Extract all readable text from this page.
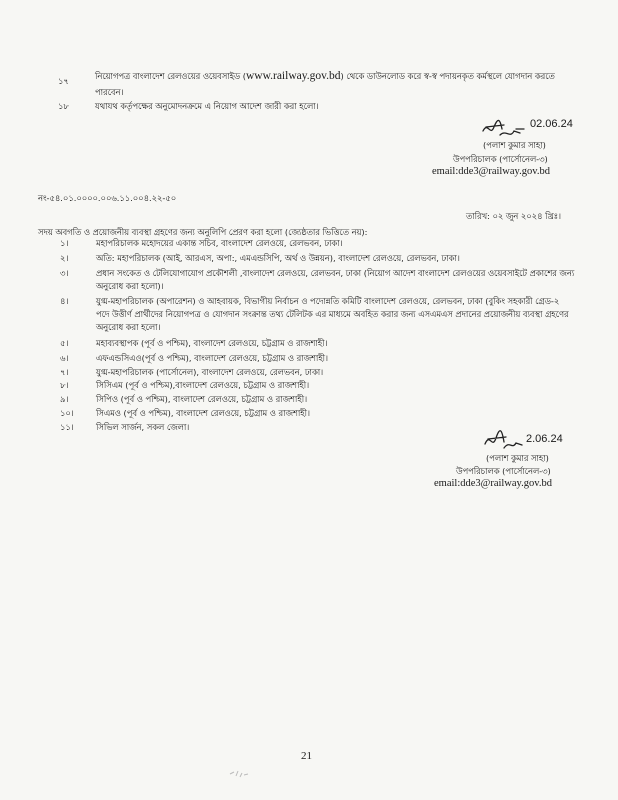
১৭	নিয়োগপত্র বাংলাদেশ রেলওয়ের ওয়েবসাইড (www.railway.gov.bd) থেকে ডাউনলোড করে স্ব-স্ব পদায়নকৃত কর্মস্থলে যোগদান করতে
পারবেন।
১৮	যথাযথ কর্তৃপক্ষের অনুমোদনক্রমে এ নিয়োগ আদেশ জারী করা হলো।
02.06.24
(পলাশ কুমার সাহা)
উপপরিচালক (পার্সোনেল-৩)
email:dde3@railway.gov.bd
নং-৫৪.০১.০০০০.০০৬.১১.০০৪.২২-৫০
তারিখ: ০২ জুন ২০২৪ খ্রিঃ।
সদয় অবগতি ও প্রয়োজনীয় ব্যবস্থা গ্রহণের জন্য অনুলিপি প্রেরণ করা হলো (জ্যেষ্ঠতার ভিত্তিতে নয়):
১।	মহাপরিচালক মহোদয়ের একান্ত সচিব, বাংলাদেশ রেলওয়ে, রেলভবন, ঢাকা।
২।	অতি: মহাপরিচালক (আই, আরএস, অপা:, এমএন্ডসিপি, অর্থ ও উন্নয়ন), বাংলাদেশ রেলওয়ে, রেলভবন, ঢাকা।
৩।	প্রধান সংকেত ও টেলিযোগাযোগ প্রকৌশলী ,বাংলাদেশ রেলওয়ে, রেলভবন, ঢাকা (নিয়োগ আদেশ বাংলাদেশ রেলওয়ের ওয়েবসাইটে প্রকাশের জন্য
অনুরোধ করা হলো)।
৪।	যুগ্ম-মহাপরিচালক (অপারেশন) ও আহবায়ক, বিভাগীয় নির্বাচন ও পদোন্নতি কমিটি বাংলাদেশ রেলওয়ে, রেলভবন, ঢাকা (বুকিং সহকারী গ্রেড-২
পদে উত্তীর্ণ প্রার্থীদের নিয়োগপত্র ও যোগদান সংক্রান্ত তথ্য টেলিটক এর মাধ্যমে অবহিত করার জন্য এসএমএস প্রদানের প্রয়োজনীয় ব্যবস্থা গ্রহণের
অনুরোধ করা হলো।
৫।	মহাব্যবস্থাপক (পূর্ব ও পশ্চিম), বাংলাদেশ রেলওয়ে, চট্টগ্রাম ও রাজশাহী।
৬।	এফএন্ডসিএও(পূর্ব ও পশ্চিম), বাংলাদেশ রেলওয়ে, চট্টগ্রাম ও রাজশাহী।
৭।	যুগ্ম-মহাপরিচালক (পার্সোনেল), বাংলাদেশ রেলওয়ে, রেলভবন, ঢাকা।
৮।	সিসিএম (পূর্ব ও পশ্চিম),বাংলাদেশ রেলওয়ে, চট্টগ্রাম ও রাজশাহী।
৯।	সিপিও (পূর্ব ও পশ্চিম), বাংলাদেশ রেলওয়ে, চট্টগ্রাম ও রাজশাহী।
১০।	সিএমও (পূর্ব ও পশ্চিম), বাংলাদেশ রেলওয়ে, চট্টগ্রাম ও রাজশাহী।
১১।	সিভিল সার্জন, সকল জেলা।
2.06.24
(পলাশ কুমার সাহা)
উপপরিচালক (পার্সোনেল-৩)
email:dde3@railway.gov.bd
21
